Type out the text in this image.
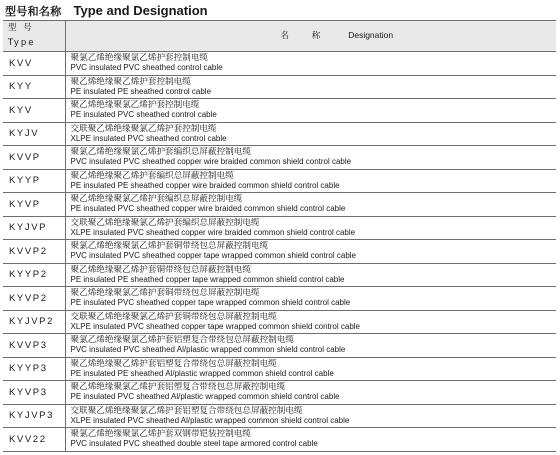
型号和名称 Type and Designation
型 号 Type	名 称 Designation
KVV	聚氯乙烯绝缘聚氯乙烯护套控制电缆
PVC insulated PVC sheathed control cable

KYY	聚乙烯绝缘聚乙烯护套控制电缆
PE insulated PE sheathed control cable

KYV	聚乙烯绝缘聚氯乙烯护套控制电缆
PE insulated PVC sheathed control cable

KYJV	交联聚乙烯绝缘聚氯乙烯护套控制电缆
XLPE insulated PVC sheathed control cable

KVVP	聚氯乙烯绝缘聚氯乙烯护套编织总屏蔽控制电缆
PVC insulated PVC sheathed copper wire braided common shield control cable

KYYP	聚乙烯绝缘聚乙烯护套编织总屏蔽控制电缆
PE insulated PE sheathed copper wire braided common shield control cable

KYVP	聚乙烯绝缘聚氯乙烯护套编织总屏蔽控制电缆
PE insulated PVC sheathed copper wire braided common shield control cable

KYJVP	交联聚乙烯绝缘聚氯乙烯护套编织总屏蔽控制电缆
XLPE insulated PVC sheathed copper wire braided common shield control cable

KVVP2	聚氯乙烯绝缘聚氯乙烯护套铜带绕包总屏蔽控制电缆
PVC insulated PVC sheathed copper tape wrapped common shield control cable

KYYP2	聚乙烯绝缘聚乙烯护套铜带绕包总屏蔽控制电缆
PE insulated PE sheathed copper tape wrapped common shield control cable

KYVP2	聚乙烯绝缘聚氯乙烯护套铜带绕包总屏蔽控制电缆
PE insulated PVC sheathed copper tape wrapped common shield control cable

KYJVP2	交联聚乙烯绝缘聚氯乙烯护套铜带绕包总屏蔽控制电缆
XLPE insulated PVC sheathed copper tape wrapped common shield control cable

KVVP3	聚氯乙烯绝缘聚氯乙烯护套铝塑复合带绕包总屏蔽控制电缆
PVC insulated PVC sheathed Al/plastic wrapped common shield control cable

KYYP3	聚乙烯绝缘聚乙烯护套铝塑复合带绕包总屏蔽控制电缆
PE insulated PE sheathed Al/plastic wrapped common shield control cable

KYVP3	聚乙烯绝缘聚氯乙烯护套铝塑复合带绕包总屏蔽控制电缆
PE insulated PVC sheathed Al/plastic wrapped common shield control cable

KYJVP3	交联聚乙烯绝缘聚氯乙烯护套铝塑复合带绕包总屏蔽控制电缆
XLPE insulated PVC sheathed Al/plastic wrapped common shield control cable

KVV22	聚氯乙烯绝缘聚氯乙烯护套双钢带铠装控制电缆
PVC insulated PVC sheathed double steel tape armored control cable
